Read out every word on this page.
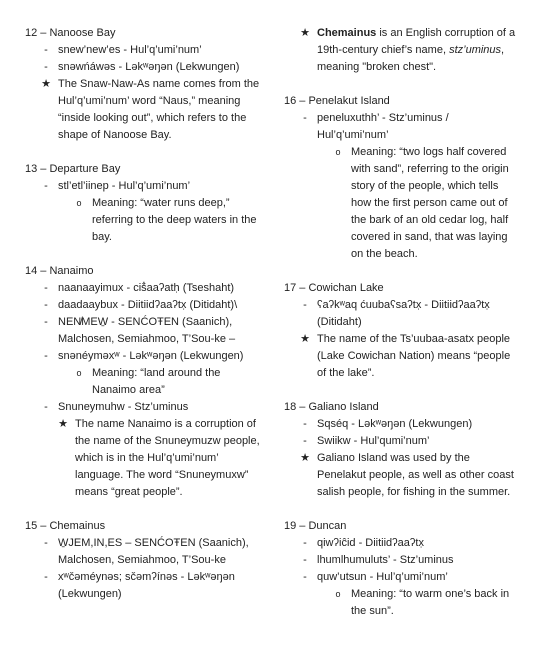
12 – Nanoose Bay

- snew’new’es - Hul’q’umi’num’
- snəwńáwəs - Ləkʷəŋən (Lekwungen)
★ The Snaw-Naw-As name comes from the Hul’q’umi’num’ word “Naus,” meaning “inside looking out”, which refers to the shape of Nanoose Bay.

13 – Departure Bay

- stl’etl’iinep - Hul’q’umi’num’
o Meaning: “water runs deep,” referring to the deep waters in the bay.

14 – Nanaimo

- naanaayimux - ciš̓aaʔatḥ (Tseshaht)
- daadaaybux - Diitiidʔaaʔtx̣ (Ditidaht)\
- NEN̸MEW̱ - SENĆOŦEN (Saanich), Malchosen, Semiahmoo, T’Sou-ke –
- snənéyməxʷ - Ləkʷəŋən (Lekwungen)
o Meaning: “land around the Nanaimo area”
- Snuneymuhw - Stz’uminus
★ The name Nanaimo is a corruption of the name of the Snuneymuzw people, which is in the Hul’q’umi’num’ language. The word “Snuneymuxw” means “great people”.

15 – Chemainus

- W̱JEM,IN,ES – SENĆOŦEN (Saanich), Malchosen, Semiahmoo, T’Sou-ke
- xʷčəméynəs; sčəmʔínəs - Ləkʷəŋən (Lekwungen)
★ Chemainus is an English corruption of a 19th-century chief’s name, stz’uminus, meaning "broken chest".

16 – Penelakut Island

- peneluxuthh’ - Stz’uminus / Hul’q’umi’num’
o Meaning: “two logs half covered with sand”, referring to the origin story of the people, which tells how the first person came out of the bark of an old cedar log, half covered in sand, that was laying on the beach.

17 – Cowichan Lake

- ʕaʔkʷaq ćuubaʕsaʔtx̣ - Diitiidʔaaʔtx̣ (Ditidaht)
★ The name of the Ts’uubaa-asatx people (Lake Cowichan Nation) means “people of the lake”.

18 – Galiano Island

- Sqséq - Ləkʷəŋən (Lekwungen)
- Swiikw - Hul’qumi’num’
★ Galiano Island was used by the Penelakut people, as well as other coast salish people, for fishing in the summer.

19 – Duncan

- qiwʔiĉid - Diitiidʔaaʔtx̣
- lhumlhumuluts’ - Stz’uminus
- quw’utsun - Hul’q’umi’num’
o Meaning: “to warm one’s back in the sun”.
